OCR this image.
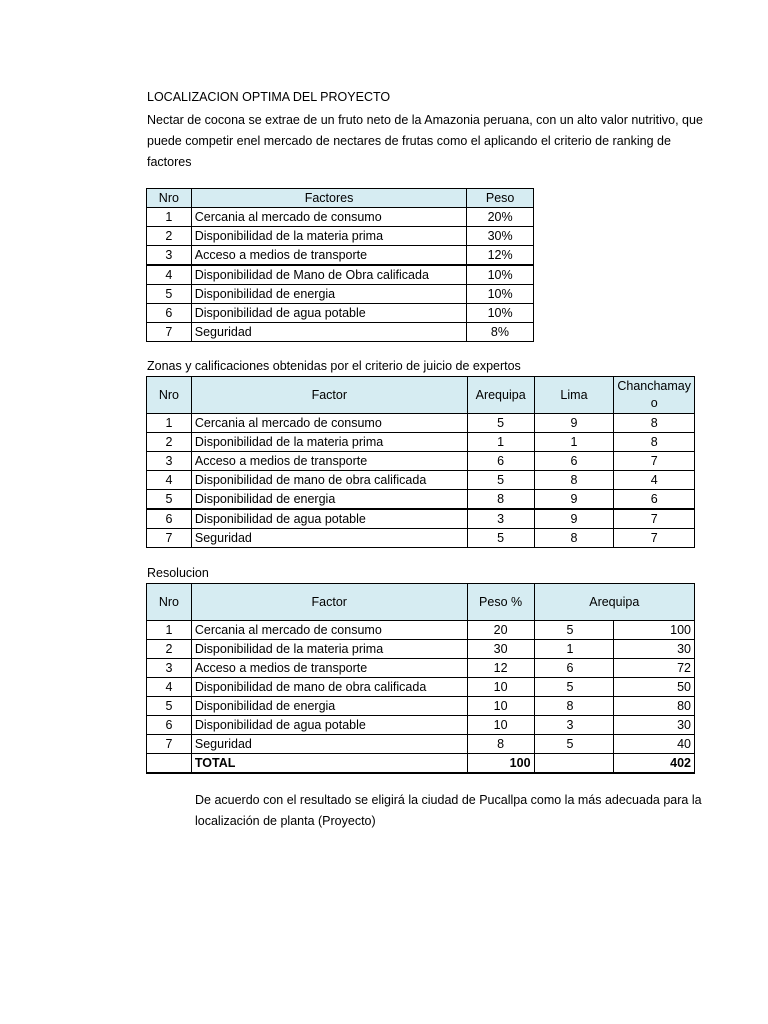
LOCALIZACION OPTIMA DEL PROYECTO
Nectar de cocona se extrae de un fruto neto de la Amazonia peruana, con un alto valor nutritivo, que puede competir enel mercado de nectares de frutas como el aplicando el criterio de ranking de factores
Nro	Factores	Peso
1	Cercania al mercado de consumo	20%
2	Disponibilidad de la materia prima	30%
3	Acceso a medios de transporte	12%
4	Disponibilidad de Mano de Obra calificada	10%
5	Disponibilidad de energia	10%
6	Disponibilidad de agua potable	10%
7	Seguridad	8%
Zonas y calificaciones obtenidas por el criterio de juicio de expertos
Nro	Factor	Arequipa	Lima	Chanchamay o
1	Cercania al mercado de consumo	5	9	8
2	Disponibilidad de la materia prima	1	1	8
3	Acceso a medios de transporte	6	6	7
4	Disponibilidad de mano de obra calificada	5	8	4
5	Disponibilidad de energia	8	9	6
6	Disponibilidad de agua potable	3	9	7
7	Seguridad	5	8	7
Resolucion
Nro	Factor	Peso %	Arequipa	
1	Cercania al mercado de consumo	20	5	100
2	Disponibilidad de la materia prima	30	1	30
3	Acceso a medios de transporte	12	6	72
4	Disponibilidad de mano de obra calificada	10	5	50
5	Disponibilidad de energia	10	8	80
6	Disponibilidad de agua potable	10	3	30
7	Seguridad	8	5	40
	TOTAL	100		402
De acuerdo con el resultado se eligirá la ciudad de Pucallpa como la más adecuada para la localización de planta (Proyecto)
